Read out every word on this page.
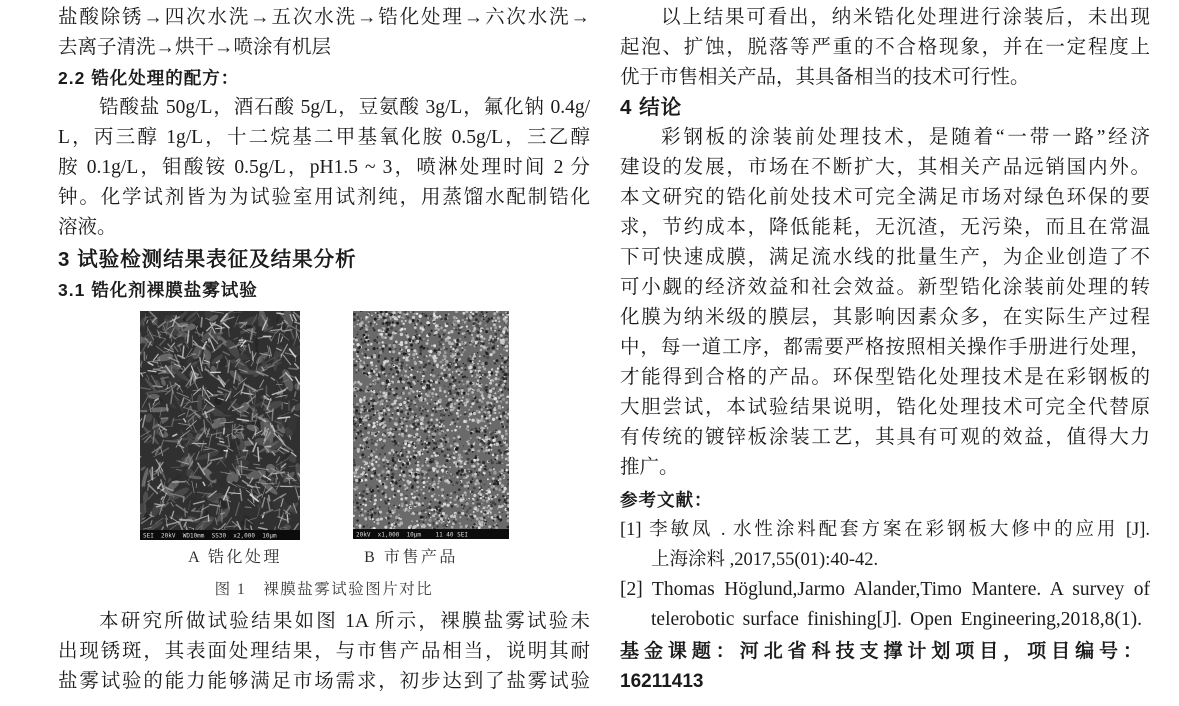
盐酸除锈→四次水洗→五次水洗→锆化处理→六次水洗→
去离子清洗→烘干→喷涂有机层
2.2 锆化处理的配方：
锆酸盐 50g/L，酒石酸 5g/L，豆氨酸 3g/L，氟化钠 0.4g/
L，丙三醇 1g/L，十二烷基二甲基氧化胺 0.5g/L，三乙醇
胺 0.1g/L，钼酸铵 0.5g/L，pH1.5 ~ 3，喷淋处理时间 2 分
钟。化学试剂皆为为试验室用试剂纯，用蒸馏水配制锆化
溶液。
3 试验检测结果表征及结果分析
3.1 锆化剂裸膜盐雾试验
SEI  20kV  WD10mm  SS30  x2,000  10μm	20kV  x1,000  10μm    11 40 SEI
A 锆化处理	B 市售产品
图 1　裸膜盐雾试验图片对比
本研究所做试验结果如图 1A 所示，裸膜盐雾试验未
出现锈斑，其表面处理结果，与市售产品相当，说明其耐
盐雾试验的能力能够满足市场需求，初步达到了盐雾试验
以上结果可看出，纳米锆化处理进行涂装后，未出现
起泡、扩蚀，脱落等严重的不合格现象，并在一定程度上
优于市售相关产品，其具备相当的技术可行性。
4 结论
彩钢板的涂装前处理技术，是随着“一带一路”经济
建设的发展，市场在不断扩大，其相关产品远销国内外。
本文研究的锆化前处技术可完全满足市场对绿色环保的要
求，节约成本，降低能耗，无沉渣，无污染，而且在常温
下可快速成膜，满足流水线的批量生产，为企业创造了不
可小觑的经济效益和社会效益。新型锆化涂装前处理的转
化膜为纳米级的膜层，其影响因素众多，在实际生产过程
中，每一道工序，都需要严格按照相关操作手册进行处理，
才能得到合格的产品。环保型锆化处理技术是在彩钢板的
大胆尝试，本试验结果说明，锆化处理技术可完全代替原
有传统的镀锌板涂装工艺，其具有可观的效益，值得大力
推广。
参考文献：
[1] 李敏凤 . 水性涂料配套方案在彩钢板大修中的应用 [J].
上海涂料 ,2017,55(01):40-42.
[2] Thomas Höglund,Jarmo Alander,Timo Mantere. A survey of
telerobotic surface finishing[J]. Open Engineering,2018,8(1).
基金课题：河北省科技支撑计划项目，项目编号：
16211413
